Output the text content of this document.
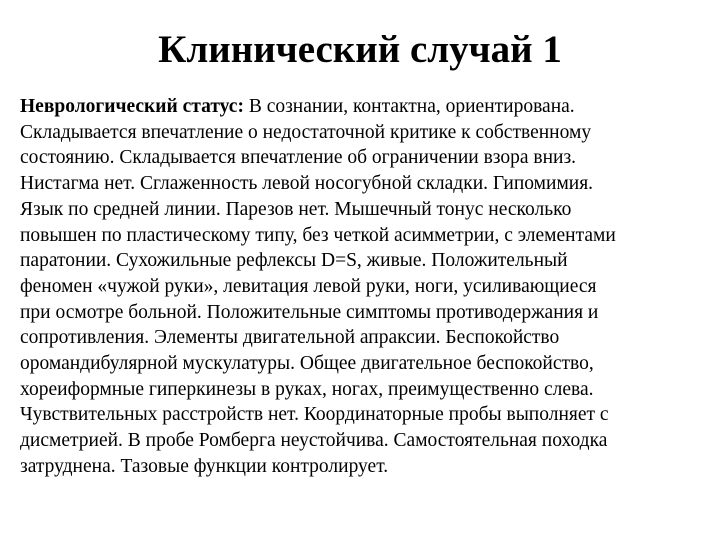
Клинический случай 1

Неврологический статус: В сознании, контактна, ориентирована.
Складывается впечатление о недостаточной критике к собственному
состоянию. Складывается впечатление об ограничении взора вниз.
Нистагма нет. Сглаженность левой носогубной складки. Гипомимия.
Язык по средней линии. Парезов нет. Мышечный тонус несколько
повышен по пластическому типу, без четкой асимметрии, с элементами
паратонии. Сухожильные рефлексы D=S, живые. Положительный
феномен «чужой руки», левитация левой руки, ноги, усиливающиеся
при осмотре больной. Положительные симптомы противодержания и
сопротивления. Элементы двигательной апраксии. Беспокойство
оромандибулярной мускулатуры. Общее двигательное беспокойство,
хореиформные гиперкинезы в руках, ногах, преимущественно слева.
Чувствительных расстройств нет. Координаторные пробы выполняет с
дисметрией. В пробе Ромберга неустойчива. Самостоятельная походка
затруднена. Тазовые функции контролирует.
